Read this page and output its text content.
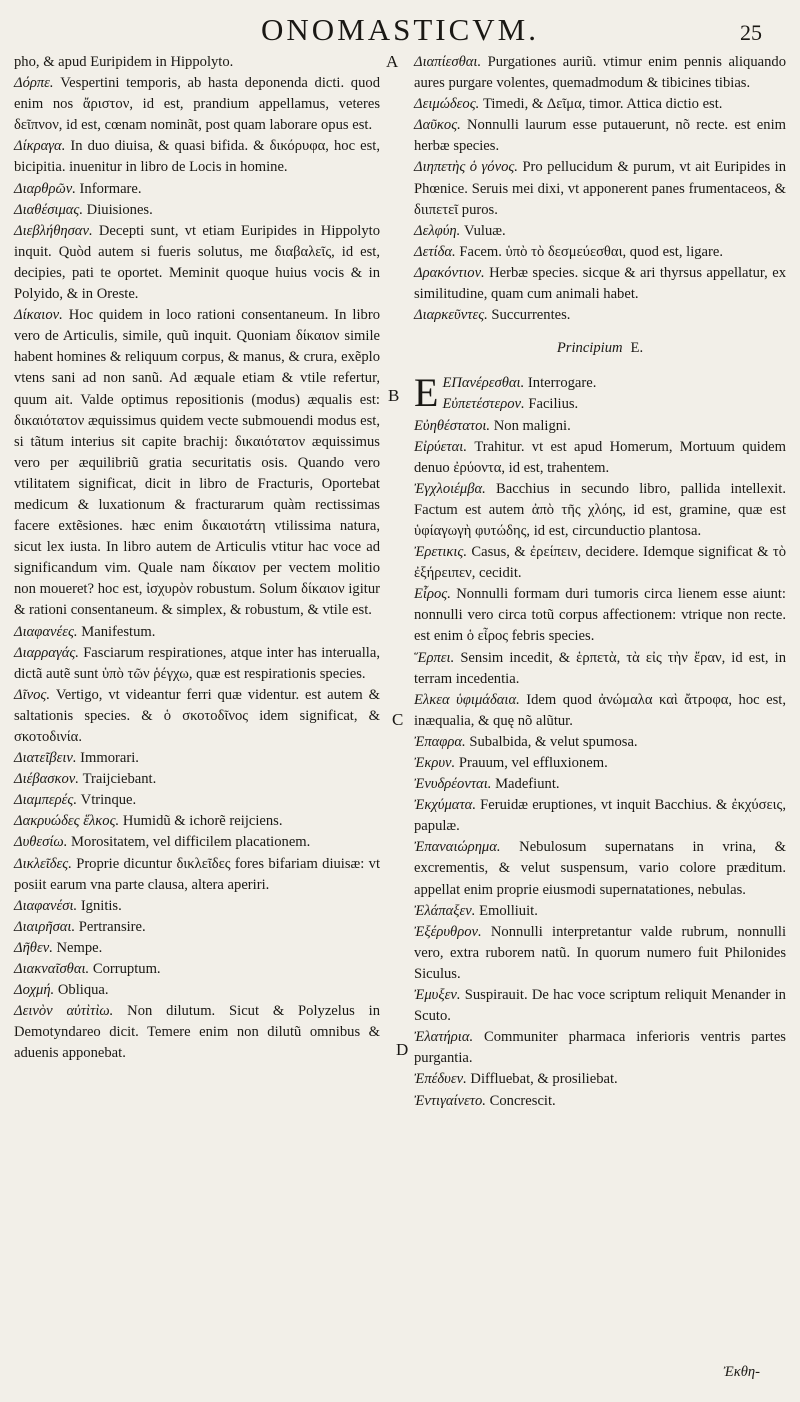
ONOMASTICVM.	25

pho, & apud Euripidem in Hippolyto.

Δόρπε. Vespertini temporis, ab hasta deponenda dicti. quod enim nos ἄριστον, id est, prandium appellamus, veteres δεῖπνον, id est, cœnam nominãt, post quam laborare opus est.

Δίκραγα. In duo diuisa, & quasi bifida. & δικόρυφα, hoc est, bicipitia. inuenitur in libro de Locis in homine.

Διαρθρῶν. Informare.

Διαθέσιμας. Diuisiones.

Διεβλήθησαν. Decepti sunt, vt etiam Euripides in Hippolyto inquit. Quòd autem si fueris solutus, me διαβαλεῖς, id est, decipies, pati te oportet. Meminit quoque huius vocis & in Polyido, & in Oreste.

Δίκαιον. Hoc quidem in loco rationi consentaneum. In libro vero de Articulis, simile, quũ inquit. Quoniam δίκαιον simile habent homines & reliquum corpus, & manus, & crura, exẽplo vtens sani ad non sanũ. Ad æquale etiam & vtile refertur, quum ait. Valde optimus repositionis (modus) æqualis est: δικαιότατον æquissimus quidem vecte submouendi modus est, si tãtum interius sit capite brachij: δικαιότατον æquissimus vero per æquilibriũ gratia securitatis osis. Quando vero vtilitatem significat, dicit in libro de Fracturis, Oportebat medicum & luxationum & fracturarum quàm rectissimas facere extẽsiones. hæc enim δικαιοτάτη vtilissima natura, sicut lex iusta. In libro autem de Articulis vtitur hac voce ad significandum vim. Quale nam δίκαιον per vectem molitio non moueret? hoc est, ἰσχυρὸν robustum. Solum δίκαιον igitur & rationi consentaneum. & simplex, & robustum, & vtile est.

Διαφανέες. Manifestum.

Διαρραγάς. Fasciarum respirationes, atque inter has interualla, dictã autẽ sunt ὑπὸ τῶν ῥέγχω, quæ est respirationis species.

Δῖνος. Vertigo, vt videantur ferri quæ videntur. est autem & saltationis species. & ὁ σκοτοδῖνος idem significat, & σκοτοδινία.

Διατεῖβειν. Immorari.

Διέβασκον. Traijciebant.

Διαμπερές. Vtrinque.

Δακρυώδες ἕλκος. Humidũ & ichorẽ reijciens.

Δυθεσίω. Morositatem, vel difficilem placationem.

Δικλεῖδες. Proprie dicuntur δικλεῖδες fores bifariam diuisæ: vt posiit earum vna parte clausa, altera aperiri.

Διαφανέσι. Ignitis.

Διαιρῆσαι. Pertransire.

Δῆθεν. Nempe.

Διακναῖσθαι. Corruptum.

Δοχμή. Obliqua.

Δεινὸν αὐτὶτὶω. Non dilutum. Sicut & Polyzelus in Demotyndareo dicit. Temere enim non dilutũ omnibus & aduenis apponebat.

Διαπίεσθαι. Purgationes auriũ. vtimur enim pennis aliquando aures purgare volentes, quemadmodum & tibicines tibias.

Δειμώδεος. Timedi, & Δεῖμα, timor. Attica dictio est.

Δαῦκος. Nonnulli laurum esse putauerunt, nõ recte. est enim herbæ species.

Διηπετὴς ὁ γόνος. Pro pellucidum & purum, vt ait Euripides in Phœnice. Seruis mei dixi, vt apponerent panes frumentaceos, & διιπετεῖ puros.

Δελφύη. Vuluæ.

Δετίδα. Facem. ὑπὸ τὸ δεσμεύεσθαι, quod est, ligare.

Δρακόντιον. Herbæ species. sicque & ari thyrsus appellatur, ex similitudine, quam cum animali habet.

Διαρκεῦντες. Succurrentes.

Principium E.

E ΕΠανέρεσθαι. Interrogare.

Εὐπετέστερον. Facilius.

Εὐηθέστατοι. Non maligni.

Εἰρύεται. Trahitur. vt est apud Homerum, Mortuum quidem denuo ἐρύοντα, id est, trahentem.

Ἐγχλοιέμβα. Bacchius in secundo libro, pallida intellexit. Factum est autem ἀπὸ τῆς χλόης, id est, gramine, quæ est ὑφίαγωγὴ φυτώδης, id est, circunductio plantosa.

Ἐρετικις. Casus, & ἐρείπειν, decidere. Idemque significat & τὸ ἐξήρειπεν, cecidit.

Εἶρος. Nonnulli formam duri tumoris circa lienem esse aiunt: nonnulli vero circa totũ corpus affectionem: vtrique non recte. est enim ὁ εἶρος febris species.

Ἕρπει. Sensim incedit, & ἑρπετὰ, τὰ εἰς τὴν ἔραν, id est, in terram incedentia.

Ελκεα ὑφιμάδαια. Idem quod ἀνώμαλα καὶ ἄτροφα, hoc est, inæqualia, & quę nõ alũtur.

Ἐπαφρα. Subalbida, & velut spumosa.

Ἐκρυν. Prauum, vel effluxionem.

Ἐνυδρέονται. Madefiunt.

Ἐκχύματα. Feruidæ eruptiones, vt inquit Bacchius. & ἐκχύσεις, papulæ.

Ἐπαναιώρημα. Nebulosum supernatans in vrina, & excrementis, & velut suspensum, vario colore præditum. appellat enim proprie eiusmodi supernatationes, nebulas.

Ἐλάπαξεν. Emolliuit.

Ἐξέρυθρον. Nonnulli interpretantur valde rubrum, nonnulli vero, extra ruborem natũ. In quorum numero fuit Philonides Siculus.

Ἐμυξεν. Suspirauit. De hac voce scriptum reliquit Menander in Scuto.

Ἐλατήρια. Communiter pharmaca inferioris ventris partes purgantia.

Ἐπέδυεν. Diffluebat, & prosiliebat.

Ἐντιγαίνετο. Concrescit.

A
B
C
D
Ἐκθη-
